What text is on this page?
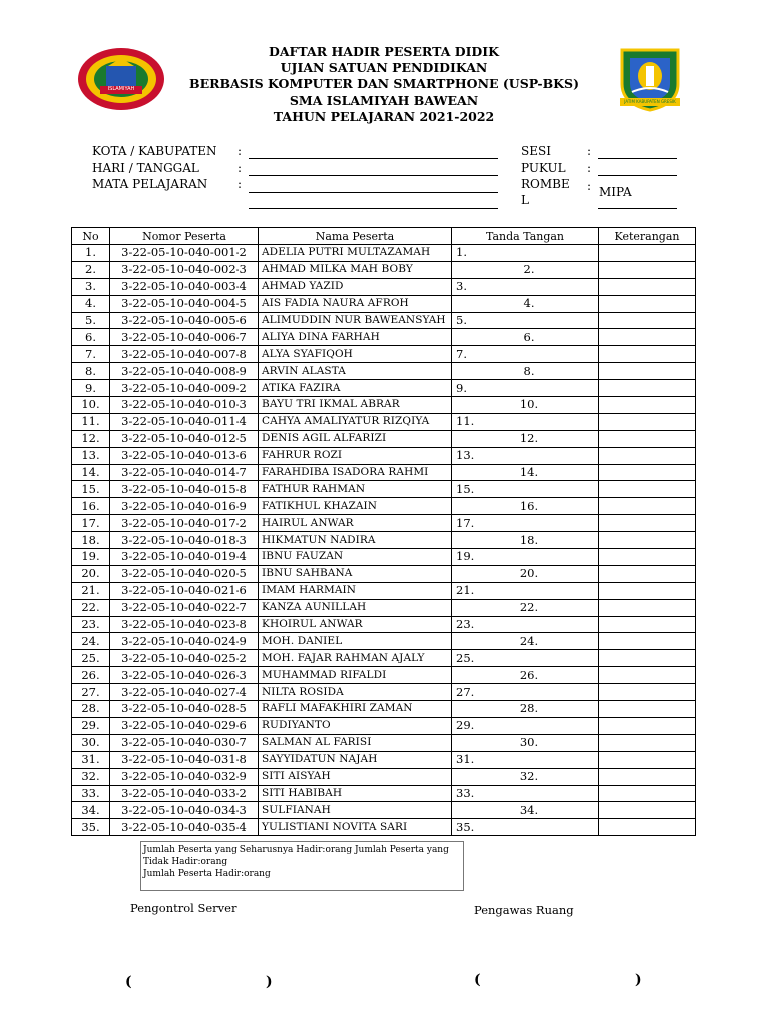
ISLAMIYAH
JATIM KABUPATEN GRESIK
DAFTAR HADIR PESERTA DIDIK
UJIAN SATUAN PENDIDIKAN
BERBASIS KOMPUTER DAN SMARTPHONE (USP-BKS)
SMA ISLAMIYAH BAWEAN
TAHUN PELAJARAN 2021-2022
KOTA / KABUPATEN :
HARI / TANGGAL	:
MATA PELAJARAN	:
SESI	:
PUKUL :
ROMBE
L
: MIPA
No	Nomor Peserta	Nama Peserta	Tanda Tangan	Keterangan
1.	3-22-05-10-040-001-2	ADELIA PUTRI MULTAZAMAH	1.	
2.	3-22-05-10-040-002-3	AHMAD MILKA MAH BOBY	2.	

3.	3-22-05-10-040-003-4	AHMAD YAZID	3.	
4.	3-22-05-10-040-004-5	AIS FADIA NAURA AFROH	4.	

5.	3-22-05-10-040-005-6	ALIMUDDIN NUR BAWEANSYAH	5.	
6.	3-22-05-10-040-006-7	ALIYA DINA FARHAH	6.	

7.	3-22-05-10-040-007-8	ALYA SYAFIQOH	7.	
8.	3-22-05-10-040-008-9	ARVIN ALASTA	8.	

9.	3-22-05-10-040-009-2	ATIKA FAZIRA	9.	
10.	3-22-05-10-040-010-3	BAYU TRI IKMAL ABRAR	10.	

11.	3-22-05-10-040-011-4	CAHYA AMALIYATUR RIZQIYA	11.	
12.	3-22-05-10-040-012-5	DENIS AGIL ALFARIZI	12.	

13.	3-22-05-10-040-013-6	FAHRUR ROZI	13.	
14.	3-22-05-10-040-014-7	FARAHDIBA ISADORA RAHMI	14.	

15.	3-22-05-10-040-015-8	FATHUR RAHMAN	15.	
16.	3-22-05-10-040-016-9	FATIKHUL KHAZAIN	16.	

17.	3-22-05-10-040-017-2	HAIRUL ANWAR	17.	
18.	3-22-05-10-040-018-3	HIKMATUN NADIRA	18.	

19.	3-22-05-10-040-019-4	IBNU FAUZAN	19.	
20.	3-22-05-10-040-020-5	IBNU SAHBANA	20.	

21.	3-22-05-10-040-021-6	IMAM HARMAIN	21.	
22.	3-22-05-10-040-022-7	KANZA AUNILLAH	22.	

23.	3-22-05-10-040-023-8	KHOIRUL ANWAR	23.	
24.	3-22-05-10-040-024-9	MOH. DANIEL	24.	

25.	3-22-05-10-040-025-2	MOH. FAJAR RAHMAN AJALY	25.	
26.	3-22-05-10-040-026-3	MUHAMMAD RIFALDI	26.	

27.	3-22-05-10-040-027-4	NILTA ROSIDA	27.	
28.	3-22-05-10-040-028-5	RAFLI MAFAKHIRI ZAMAN	28.	

29.	3-22-05-10-040-029-6	RUDIYANTO	29.	
30.	3-22-05-10-040-030-7	SALMAN AL FARISI	30.	

31.	3-22-05-10-040-031-8	SAYYIDATUN NAJAH	31.	
32.	3-22-05-10-040-032-9	SITI AISYAH	32.	

33.	3-22-05-10-040-033-2	SITI HABIBAH	33.	
34.	3-22-05-10-040-034-3	SULFIANAH	34.	

35.	3-22-05-10-040-035-4	YULISTIANI NOVITA SARI	35.	
Jumlah Peserta yang Seharusnya Hadir:orang Jumlah Peserta yang
Tidak Hadir:orang
Jumlah Peserta Hadir:orang
Pengontrol Server	Pengawas Ruang
(	)	(	)
